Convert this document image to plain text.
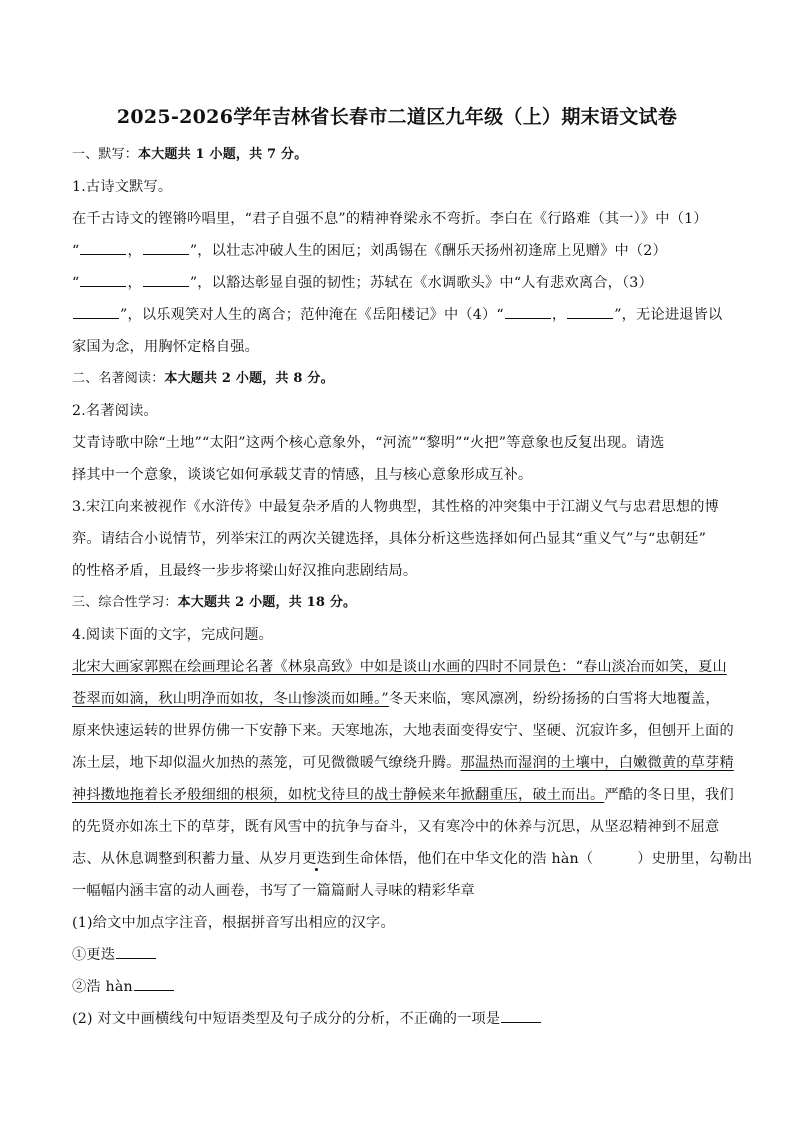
2025-2026学年吉林省长春市二道区九年级（上）期末语文试卷
一、默写：本大题共 1 小题，共 7 分。
1.古诗文默写。
在千古诗文的铿锵吟唱里，“君子自强不息”的精神脊梁永不弯折。李白在《行路难（其一）》中（1）
“	，	”，以壮志冲破人生的困厄；刘禹锡在《酬乐天扬州初逢席上见赠》中（2）
“	，	”，以豁达彰显自强的韧性；苏轼在《水调歌头》中“人有悲欢离合，（3）
”，以乐观笑对人生的离合；范仲淹在《岳阳楼记》中（4）“	，	”，无论进退皆以
家国为念，用胸怀定格自强。
二、名著阅读：本大题共 2 小题，共 8 分。
2.名著阅读。
艾青诗歌中除“土地”“太阳”这两个核心意象外，“河流”“黎明”“火把”等意象也反复出现。请选
择其中一个意象，谈谈它如何承载艾青的情感，且与核心意象形成互补。
3.宋江向来被视作《水浒传》中最复杂矛盾的人物典型，其性格的冲突集中于江湖义气与忠君思想的博
弈。请结合小说情节，列举宋江的两次关键选择，具体分析这些选择如何凸显其“重义气”与“忠朝廷”
的性格矛盾，且最终一步步将梁山好汉推向悲剧结局。
三、综合性学习：本大题共 2 小题，共 18 分。
4.阅读下面的文字，完成问题。
北宋大画家郭熙在绘画理论名著《林泉高致》中如是谈山水画的四时不同景色：“春山淡冶而如笑，夏山
苍翠而如滴，秋山明净而如妆，冬山惨淡而如睡。”冬天来临，寒风凛冽，纷纷扬扬的白雪将大地覆盖，
原来快速运转的世界仿佛一下安静下来。天寒地冻，大地表面变得安宁、坚硬、沉寂许多，但刨开上面的
冻土层，地下却似温火加热的蒸笼，可见微微暖气缭绕升腾。那温热而湿润的土壤中，白嫩微黄的草芽精
神抖擞地拖着长矛般细细的根须，如枕戈待旦的战士静候来年掀翻重压，破土而出。严酷的冬日里，我们
的先贤亦如冻土下的草芽，既有风雪中的抗争与奋斗，又有寒冷中的休养与沉思，从坚忍精神到不屈意
志、从休息调整到积蓄力量、从岁月更迭到生命体悟，他们在中华文化的浩 hàn（	）史册里，勾勒出
一幅幅内涵丰富的动人画卷，书写了一篇篇耐人寻味的精彩华章
(1)给文中加点字注音，根据拼音写出相应的汉字。
①更迭
②浩 hàn
(2) 对文中画横线句中短语类型及句子成分的分析，不正确的一项是
